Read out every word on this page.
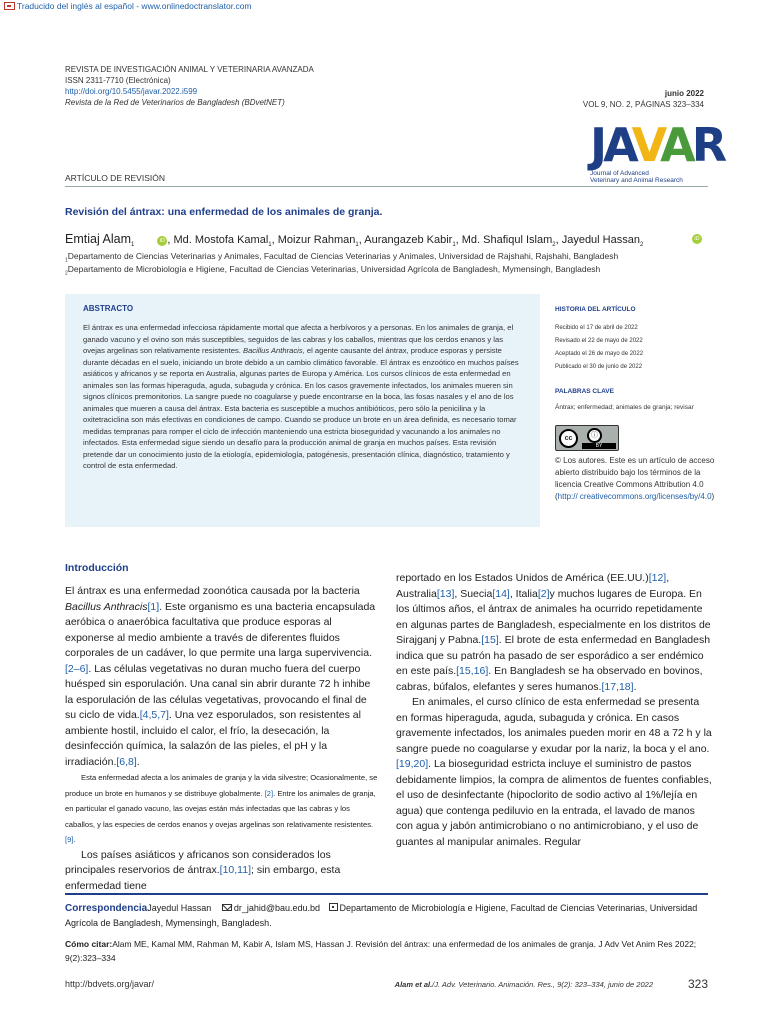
Traducido del inglés al español - www.onlinedoctranslator.com
REVISTA DE INVESTIGACIÓN ANIMAL Y VETERINARIA AVANZADA
ISSN 2311-7710 (Electrónica)
http://doi.org/10.5455/javar.2022.i599
Revista de la Red de Veterinarios de Bangladesh (BDvetNET)
junio 2022
VOL 9, NO. 2, PÁGINAS 323–334
JAVAR
Journal of Advanced
Veterinary and Animal Research
ARTÍCULO DE REVISIÓN
Revisión del ántrax: una enfermedad de los animales de granja.
Emtiaj Alam$_1$ iD , Md. Mostofa Kamal$_1$, Moizur Rahman$_1$, Aurangazeb Kabir$_1$, Md. Shafiqul Islam$_2$, Jayedul Hassan$_2$
iD
$_1$Departamento de Ciencias Veterinarias y Animales, Facultad de Ciencias Veterinarias y Animales, Universidad de Rajshahi, Rajshahi, Bangladesh
$_2$Departamento de Microbiología e Higiene, Facultad de Ciencias Veterinarias, Universidad Agrícola de Bangladesh, Mymensingh, Bangladesh
ABSTRACTO
El ántrax es una enfermedad infecciosa rápidamente mortal que afecta a herbívoros y a personas. En los animales de granja, el ganado vacuno y el ovino son más susceptibles, seguidos de las cabras y los caballos, mientras que los cerdos enanos y las ovejas argelinas son relativamente resistentes. Bacillus Anthracis, el agente causante del ántrax, produce esporas y persiste durante décadas en el suelo, iniciando un brote debido a un cambio climático favorable. El ántrax es enzoótico en muchos países asiáticos y africanos y se reporta en Australia, algunas partes de Europa y América. Los cursos clínicos de esta enfermedad en animales son las formas hiperaguda, aguda, subaguda y crónica. En los casos gravemente infectados, los animales mueren sin signos clínicos premonitorios. La sangre puede no coagularse y puede encontrarse en la boca, las fosas nasales y el ano de los animales que mueren a causa del ántrax. Esta bacteria es susceptible a muchos antibióticos, pero sólo la penicilina y la oxitetraciclina son más efectivas en condiciones de campo. Cuando se produce un brote en un área definida, es necesario tomar medidas tempranas para romper el ciclo de infección manteniendo una estricta bioseguridad y vacunando a los animales no infectados. Esta enfermedad sigue siendo un desafío para la producción animal de granja en muchos países. Esta revisión pretende dar un conocimiento justo de la etiología, epidemiología, patogénesis, presentación clínica, diagnóstico, tratamiento y control de esta enfermedad.
HISTORIA DEL ARTÍCULO
Recibido el 17 de abril de 2022
Revisado el 22 de mayo de 2022
Aceptado el 26 de mayo de 2022
Publicado el 30 de junio de 2022
PALABRAS CLAVE
Ántrax; enfermedad; animales de granja; revisar
cc	ⓘ
BY
© Los autores. Este es un artículo de acceso abierto distribuido bajo los términos de la licencia Creative Commons Attribution 4.0 (http:// creativecommons.org/licenses/by/4.0)
Introducción

El ántrax es una enfermedad zoonótica causada por la bacteria Bacillus Anthracis[1]. Este organismo es una bacteria encapsulada aeróbica o anaeróbica facultativa que produce esporas al exponerse al medio ambiente a través de diferentes fluidos corporales de un cadáver, lo que permite una larga supervivencia.[2–6]. Las células vegetativas no duran mucho fuera del cuerpo huésped sin esporulación. Una canal sin abrir durante 72 h inhibe la esporulación de las células vegetativas, provocando el final de su ciclo de vida.[4,5,7]. Una vez esporulados, son resistentes al ambiente hostil, incluido el calor, el frío, la desecación, la desinfección química, la salazón de las pieles, el pH y la irradiación.[6,8].

Esta enfermedad afecta a los animales de granja y la vida silvestre; Ocasionalmente, se produce un brote en humanos y se distribuye globalmente. [2]. Entre los animales de granja, en particular el ganado vacuno, las ovejas están más infectadas que las cabras y los caballos, y las especies de cerdos enanos y ovejas argelinas son relativamente resistentes.[9].

Los países asiáticos y africanos son considerados los principales reservorios de ántrax.[10,11]; sin embargo, esta enfermedad tiene

reportado en los Estados Unidos de América (EE.UU.)[12], Australia[13], Suecia[14], Italia[2]y muchos lugares de Europa. En los últimos años, el ántrax de animales ha ocurrido repetidamente en algunas partes de Bangladesh, especialmente en los distritos de Sirajganj y Pabna.[15]. El brote de esta enfermedad en Bangladesh indica que su patrón ha pasado de ser esporádico a ser endémico en este país.[15,16]. En Bangladesh se ha observado en bovinos, cabras, búfalos, elefantes y seres humanos.[17,18].

En animales, el curso clínico de esta enfermedad se presenta en formas hiperaguda, aguda, subaguda y crónica. En casos gravemente infectados, los animales pueden morir en 48 a 72 h y la sangre puede no coagularse y exudar por la nariz, la boca y el ano.[19,20]. La bioseguridad estricta incluye el suministro de pastos debidamente limpios, la compra de alimentos de fuentes confiables, el uso de desinfectante (hipoclorito de sodio activo al 1%/lejía en agua) que contenga pediluvio en la entrada, el lavado de manos con agua y jabón antimicrobiano o no antimicrobiano, y el uso de guantes al manipular animales. Regular

CorrespondenciaJayedul Hassan	dr_jahid@bau.edu.bd Departamento de Microbiología e Higiene, Facultad de Ciencias Veterinarias, Universidad Agrícola de Bangladesh, Mymensingh, Bangladesh.
Cómo citar:Alam ME, Kamal MM, Rahman M, Kabir A, Islam MS, Hassan J. Revisión del ántrax: una enfermedad de los animales de granja. J Adv Vet Anim Res 2022; 9(2):323–334
http://bdvets.org/javar/	Alam et al./J. Adv. Veterinario. Animación. Res., 9(2): 323–334, junio de 2022	323
